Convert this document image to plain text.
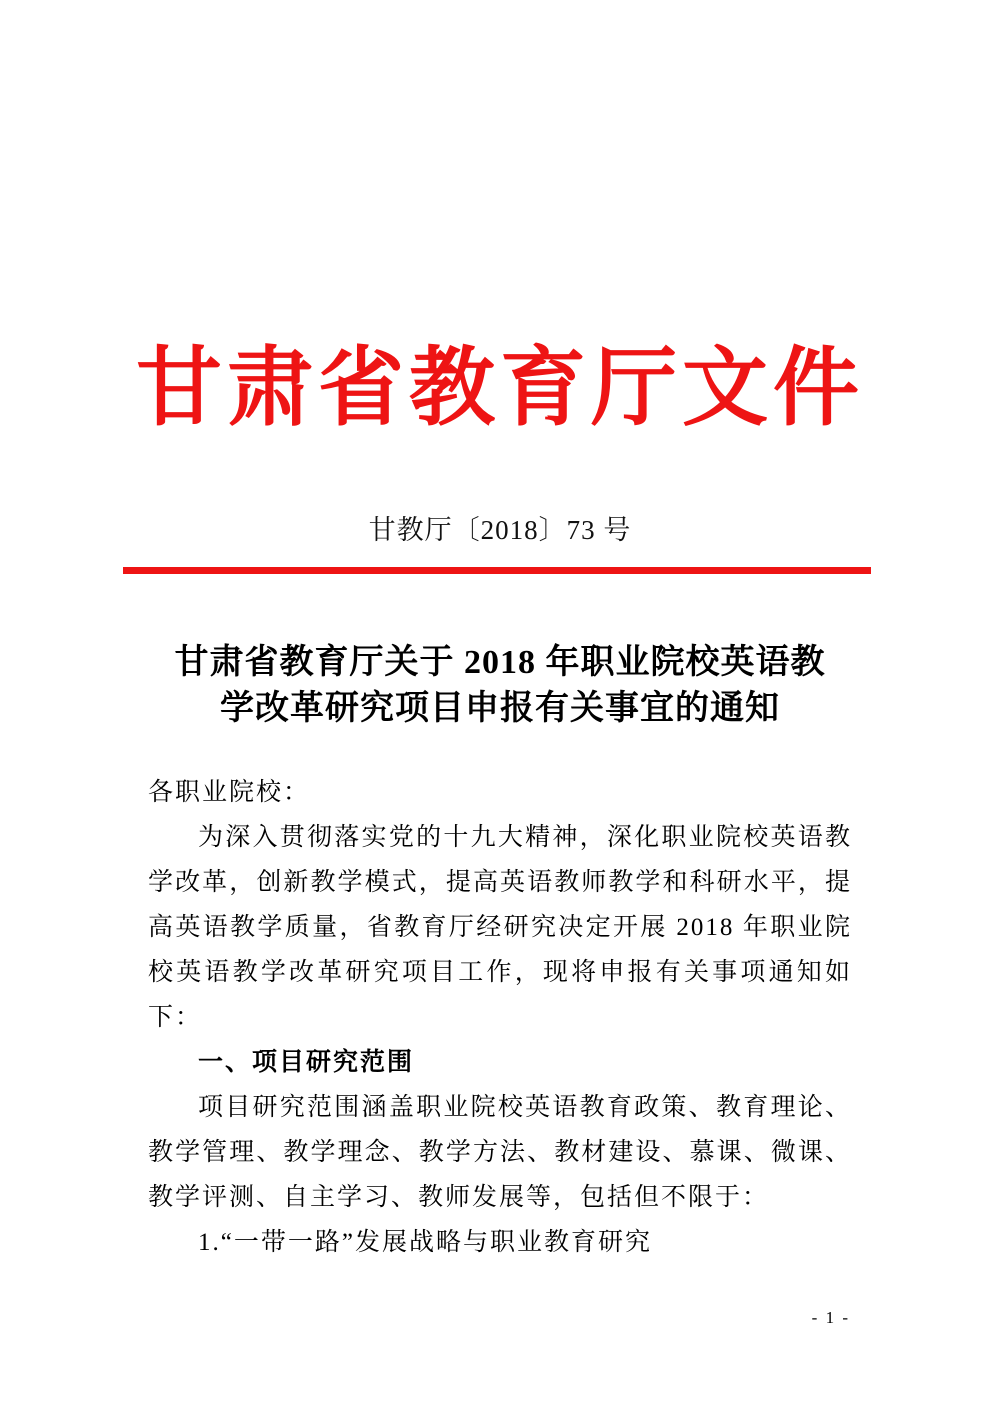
甘肃省教育厅文件
甘教厅〔2018〕73 号
甘肃省教育厅关于 2018 年职业院校英语教
学改革研究项目申报有关事宜的通知

各职业院校：

为深入贯彻落实党的十九大精神，深化职业院校英语教学改革，创新教学模式，提高英语教师教学和科研水平，提高英语教学质量，省教育厅经研究决定开展 2018 年职业院校英语教学改革研究项目工作，现将申报有关事项通知如下：

一、项目研究范围

项目研究范围涵盖职业院校英语教育政策、教育理论、教学管理、教学理念、教学方法、教材建设、慕课、微课、教学评测、自主学习、教师发展等，包括但不限于：

1.“一带一路”发展战略与职业教育研究

- 1 -
